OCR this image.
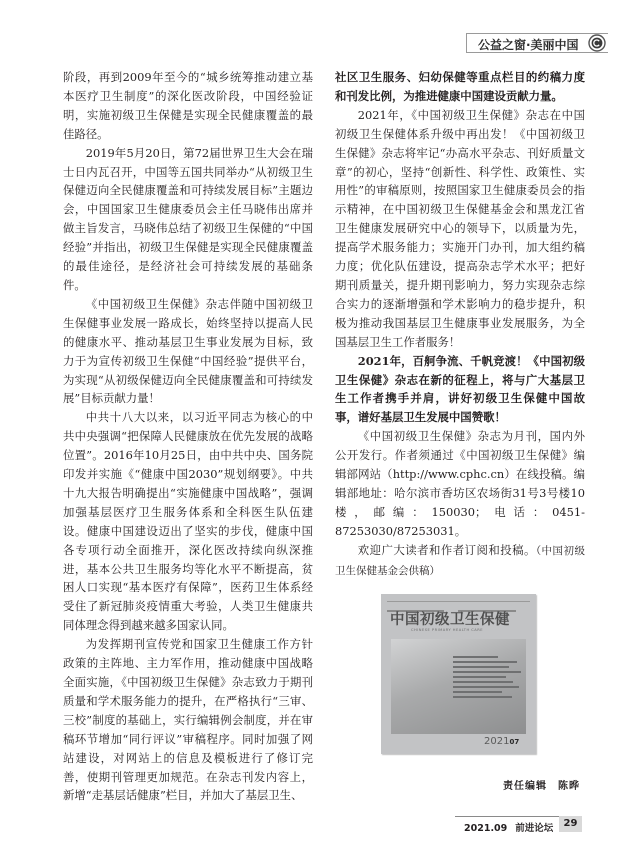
公益之窗·美丽中国

阶段，再到2009年至今的“城乡统筹推动建立基本医疗卫生制度”的深化医改阶段，中国经验证明，实施初级卫生保健是实现全民健康覆盖的最佳路径。

2019年5月20日，第72届世界卫生大会在瑞士日内瓦召开，中国等五国共同举办“从初级卫生保健迈向全民健康覆盖和可持续发展目标”主题边会，中国国家卫生健康委员会主任马晓伟出席并做主旨发言，马晓伟总结了初级卫生保健的“中国经验”并指出，初级卫生保健是实现全民健康覆盖的最佳途径，是经济社会可持续发展的基础条件。

《中国初级卫生保健》杂志伴随中国初级卫生保健事业发展一路成长，始终坚持以提高人民的健康水平、推动基层卫生事业发展为目标，致力于为宣传初级卫生保健“中国经验”提供平台，为实现“从初级保健迈向全民健康覆盖和可持续发展”目标贡献力量！

中共十八大以来，以习近平同志为核心的中共中央强调“把保障人民健康放在优先发展的战略位置”。2016年10月25日，由中共中央、国务院印发并实施《“健康中国2030”规划纲要》。中共十九大报告明确提出“实施健康中国战略”，强调加强基层医疗卫生服务体系和全科医生队伍建设。健康中国建设迈出了坚实的步伐，健康中国各专项行动全面推开，深化医改持续向纵深推进，基本公共卫生服务均等化水平不断提高，贫困人口实现“基本医疗有保障”，医药卫生体系经受住了新冠肺炎疫情重大考验，人类卫生健康共同体理念得到越来越多国家认同。

为发挥期刊宣传党和国家卫生健康工作方针政策的主阵地、主力军作用，推动健康中国战略全面实施，《中国初级卫生保健》杂志致力于期刊质量和学术服务能力的提升，在严格执行“三审、三校”制度的基础上，实行编辑例会制度，并在审稿环节增加“同行评议”审稿程序。同时加强了网站建设，对网站上的信息及模板进行了修订完善，使期刊管理更加规范。在杂志刊发内容上，新增“走基层话健康”栏目，并加大了基层卫生、

社区卫生服务、妇幼保健等重点栏目的约稿力度和刊发比例，为推进健康中国建设贡献力量。

2021年，《中国初级卫生保健》杂志在中国初级卫生保健体系升级中再出发！《中国初级卫生保健》杂志将牢记“办高水平杂志、刊好质量文章”的初心，坚持“创新性、科学性、政策性、实用性”的审稿原则，按照国家卫生健康委员会的指示精神，在中国初级卫生保健基金会和黑龙江省卫生健康发展研究中心的领导下，以质量为先，提高学术服务能力；实施开门办刊，加大组约稿力度；优化队伍建设，提高杂志学术水平；把好期刊质量关，提升期刊影响力，努力实现杂志综合实力的逐渐增强和学术影响力的稳步提升，积极为推动我国基层卫生健康事业发展服务，为全国基层卫生工作者服务！

2021年，百舸争流、千帆竞渡！《中国初级卫生保健》杂志在新的征程上，将与广大基层卫生工作者携手并肩，讲好初级卫生保健中国故事，谱好基层卫生发展中国赞歌！

《中国初级卫生保健》杂志为月刊，国内外公开发行。作者须通过《中国初级卫生保健》编辑部网站（http://www.cphc.cn）在线投稿。编辑部地址：哈尔滨市香坊区农场街31号3号楼10楼，邮编：150030；电话：0451-87253030/87253031。

欢迎广大读者和作者订阅和投稿。（中国初级卫生保健基金会供稿）

中国初级卫生保健
CHINESE PRIMARY HEALTH CARE
202107
责任编辑　陈晔
2021.09 前进论坛	29
